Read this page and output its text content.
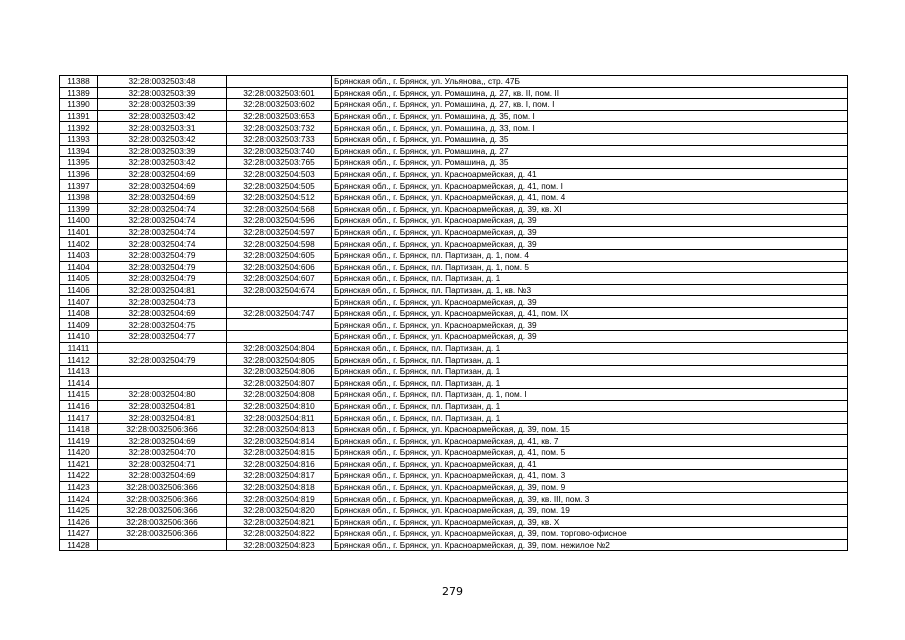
11388	32:28:0032503:48		Брянская обл., г. Брянск, ул. Ульянова,, стр. 47Б
11389	32:28:0032503:39	32:28:0032503:601	Брянская обл., г. Брянск, ул. Ромашина, д. 27, кв. II, пом. II
11390	32:28:0032503:39	32:28:0032503:602	Брянская обл., г. Брянск, ул. Ромашина, д. 27, кв. I, пом. I
11391	32:28:0032503:42	32:28:0032503:653	Брянская обл., г. Брянск, ул. Ромашина, д. 35, пом. I
11392	32:28:0032503:31	32:28:0032503:732	Брянская обл., г. Брянск, ул. Ромашина, д. 33, пом. I
11393	32:28:0032503:42	32:28:0032503:733	Брянская обл., г. Брянск, ул. Ромашина, д. 35
11394	32:28:0032503:39	32:28:0032503:740	Брянская обл., г. Брянск, ул. Ромашина, д. 27
11395	32:28:0032503:42	32:28:0032503:765	Брянская обл., г. Брянск, ул. Ромашина, д. 35
11396	32:28:0032504:69	32:28:0032504:503	Брянская обл., г. Брянск, ул. Красноармейская, д. 41
11397	32:28:0032504:69	32:28:0032504:505	Брянская обл., г. Брянск, ул. Красноармейская, д. 41, пом. I
11398	32:28:0032504:69	32:28:0032504:512	Брянская обл., г. Брянск, ул. Красноармейская, д. 41, пом. 4
11399	32:28:0032504:74	32:28:0032504:568	Брянская обл., г. Брянск, ул. Красноармейская, д. 39, кв. XI
11400	32:28:0032504:74	32:28:0032504:596	Брянская обл., г. Брянск, ул. Красноармейская, д. 39
11401	32:28:0032504:74	32:28:0032504:597	Брянская обл., г. Брянск, ул. Красноармейская, д. 39
11402	32:28:0032504:74	32:28:0032504:598	Брянская обл., г. Брянск, ул. Красноармейская, д. 39
11403	32:28:0032504:79	32:28:0032504:605	Брянская обл., г. Брянск, пл. Партизан, д. 1, пом. 4
11404	32:28:0032504:79	32:28:0032504:606	Брянская обл., г. Брянск, пл. Партизан, д. 1, пом. 5
11405	32:28:0032504:79	32:28:0032504:607	Брянская обл., г. Брянск, пл. Партизан, д. 1
11406	32:28:0032504:81	32:28:0032504:674	Брянская обл., г. Брянск, пл. Партизан, д. 1, кв. №3
11407	32:28:0032504:73		Брянская обл., г. Брянск, ул. Красноармейская, д. 39
11408	32:28:0032504:69	32:28:0032504:747	Брянская обл., г. Брянск, ул. Красноармейская, д. 41, пом. IX
11409	32:28:0032504:75		Брянская обл., г. Брянск, ул. Красноармейская, д. 39
11410	32:28:0032504:77		Брянская обл., г. Брянск, ул. Красноармейская, д. 39
11411		32:28:0032504:804	Брянская обл., г. Брянск, пл. Партизан, д. 1
11412	32:28:0032504:79	32:28:0032504:805	Брянская обл., г. Брянск, пл. Партизан, д. 1
11413		32:28:0032504:806	Брянская обл., г. Брянск, пл. Партизан, д. 1
11414		32:28:0032504:807	Брянская обл., г. Брянск, пл. Партизан, д. 1
11415	32:28:0032504:80	32:28:0032504:808	Брянская обл., г. Брянск, пл. Партизан, д. 1, пом. I
11416	32:28:0032504:81	32:28:0032504:810	Брянская обл., г. Брянск, пл. Партизан, д. 1
11417	32:28:0032504:81	32:28:0032504:811	Брянская обл., г. Брянск, пл. Партизан, д. 1
11418	32:28:0032506:366	32:28:0032504:813	Брянская обл., г. Брянск, ул. Красноармейская, д. 39, пом. 15
11419	32:28:0032504:69	32:28:0032504:814	Брянская обл., г. Брянск, ул. Красноармейская, д. 41, кв. 7
11420	32:28:0032504:70	32:28:0032504:815	Брянская обл., г. Брянск, ул. Красноармейская, д. 41, пом. 5
11421	32:28:0032504:71	32:28:0032504:816	Брянская обл., г. Брянск, ул. Красноармейская, д. 41
11422	32:28:0032504:69	32:28:0032504:817	Брянская обл., г. Брянск, ул. Красноармейская, д. 41, пом. 3
11423	32:28:0032506:366	32:28:0032504:818	Брянская обл., г. Брянск, ул. Красноармейская, д. 39, пом. 9
11424	32:28:0032506:366	32:28:0032504:819	Брянская обл., г. Брянск, ул. Красноармейская, д. 39, кв. III, пом. 3
11425	32:28:0032506:366	32:28:0032504:820	Брянская обл., г. Брянск, ул. Красноармейская, д. 39, пом. 19
11426	32:28:0032506:366	32:28:0032504:821	Брянская обл., г. Брянск, ул. Красноармейская, д. 39, кв. X
11427	32:28:0032506:366	32:28:0032504:822	Брянская обл., г. Брянск, ул. Красноармейская, д. 39, пом. торгово-офисное
11428		32:28:0032504:823	Брянская обл., г. Брянск, ул. Красноармейская, д. 39, пом. нежилое №2
279
